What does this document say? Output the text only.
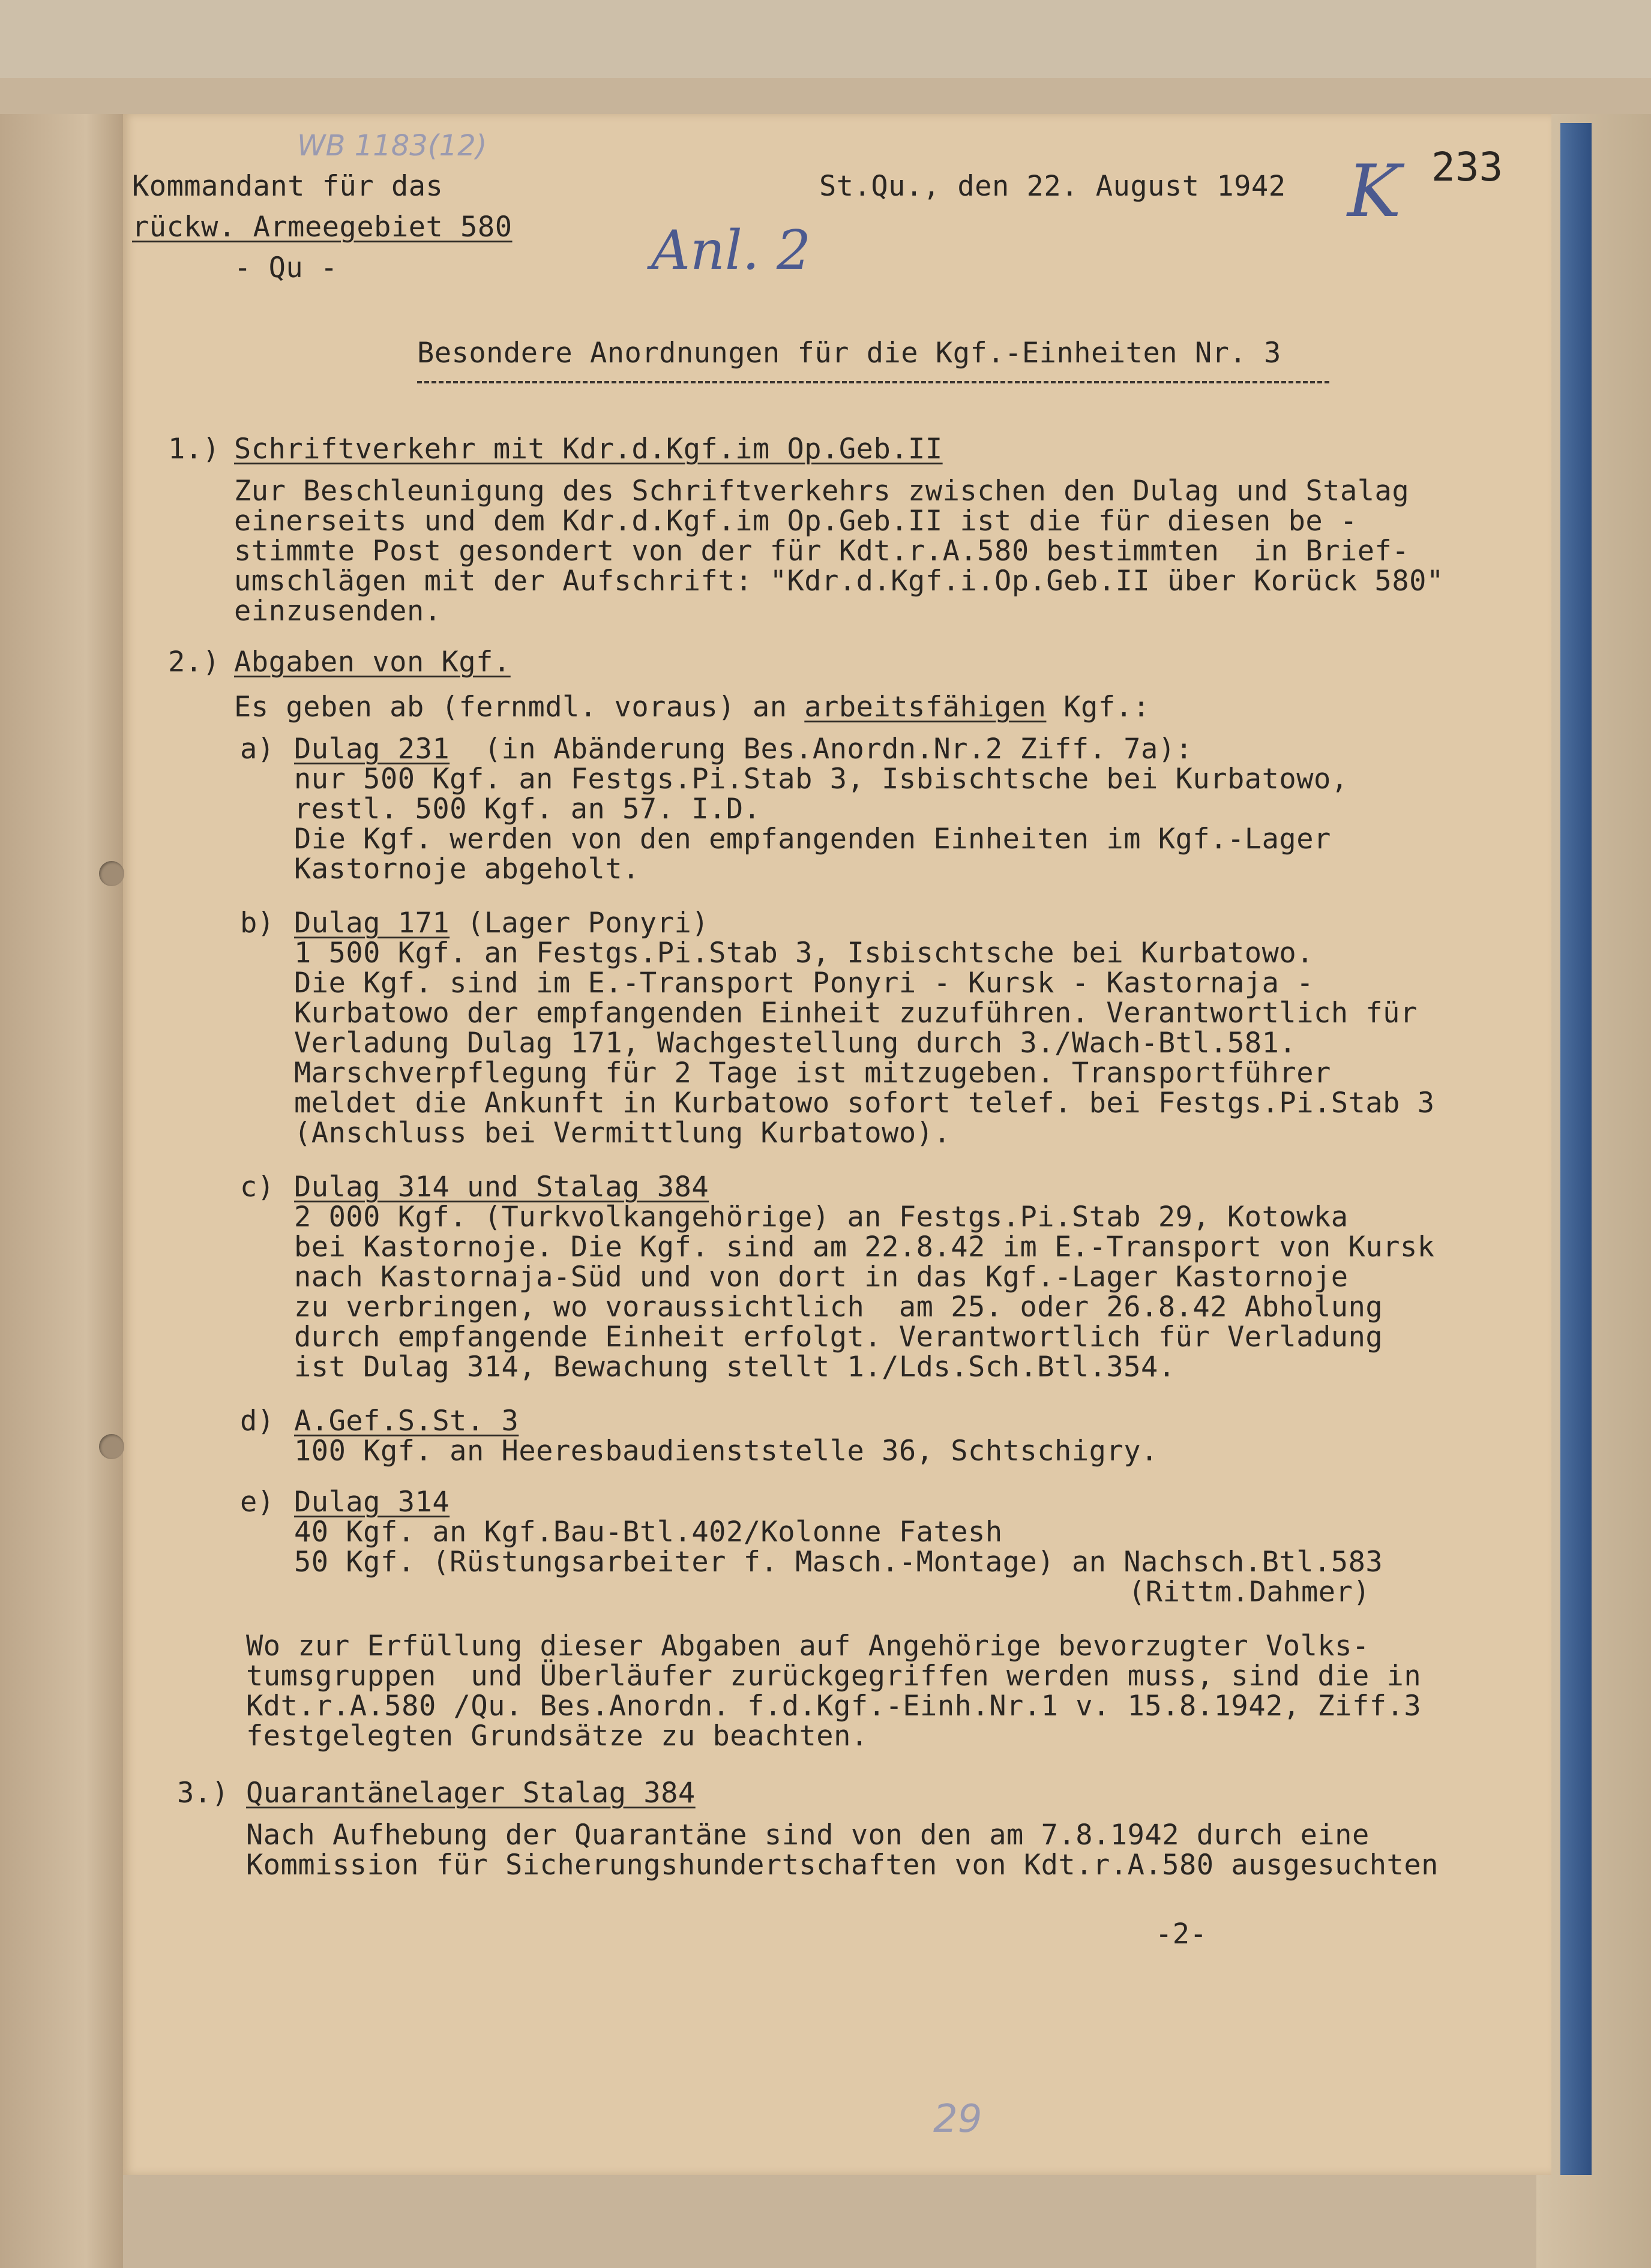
WB 1183(12)	233
K
Anl. 2
29
Kommandant für das
rückw. Armeegebiet 580
- Qu -
St.Qu., den 22. August 1942
Besondere Anordnungen für die Kgf.-Einheiten Nr. 3
1.) Schriftverkehr mit Kdr.d.Kgf.im Op.Geb.II
Zur Beschleunigung des Schriftverkehrs zwischen den Dulag und Stalag
einerseits und dem Kdr.d.Kgf.im Op.Geb.II ist die für diesen be -
stimmte Post gesondert von der für Kdt.r.A.580 bestimmten  in Brief-
umschlägen mit der Aufschrift: "Kdr.d.Kgf.i.Op.Geb.II über Korück 580"
einzusenden.
2.) Abgaben von Kgf.
Es geben ab (fernmdl. voraus) an arbeitsfähigen Kgf.:
a) Dulag 231  (in Abänderung Bes.Anordn.Nr.2 Ziff. 7a):
nur 500 Kgf. an Festgs.Pi.Stab 3, Isbischtsche bei Kurbatowo,
restl. 500 Kgf. an 57. I.D.
Die Kgf. werden von den empfangenden Einheiten im Kgf.-Lager
Kastornoje abgeholt.
b) Dulag 171 (Lager Ponyri)
1 500 Kgf. an Festgs.Pi.Stab 3, Isbischtsche bei Kurbatowo.
Die Kgf. sind im E.-Transport Ponyri - Kursk - Kastornaja -
Kurbatowo der empfangenden Einheit zuzuführen. Verantwortlich für
Verladung Dulag 171, Wachgestellung durch 3./Wach-Btl.581.
Marschverpflegung für 2 Tage ist mitzugeben. Transportführer
meldet die Ankunft in Kurbatowo sofort telef. bei Festgs.Pi.Stab 3
(Anschluss bei Vermittlung Kurbatowo).
c) Dulag 314 und Stalag 384
2 000 Kgf. (Turkvolkangehörige) an Festgs.Pi.Stab 29, Kotowka
bei Kastornoje. Die Kgf. sind am 22.8.42 im E.-Transport von Kursk
nach Kastornaja-Süd und von dort in das Kgf.-Lager Kastornoje
zu verbringen, wo voraussichtlich  am 25. oder 26.8.42 Abholung
durch empfangende Einheit erfolgt. Verantwortlich für Verladung
ist Dulag 314, Bewachung stellt 1./Lds.Sch.Btl.354.
d) A.Gef.S.St. 3
100 Kgf. an Heeresbaudienststelle 36, Schtschigry.
e) Dulag 314
40 Kgf. an Kgf.Bau-Btl.402/Kolonne Fatesh
50 Kgf. (Rüstungsarbeiter f. Masch.-Montage) an Nachsch.Btl.583
(Rittm.Dahmer)
Wo zur Erfüllung dieser Abgaben auf Angehörige bevorzugter Volks-
tumsgruppen  und Überläufer zurückgegriffen werden muss, sind die in
Kdt.r.A.580 /Qu. Bes.Anordn. f.d.Kgf.-Einh.Nr.1 v. 15.8.1942, Ziff.3
festgelegten Grundsätze zu beachten.
3.) Quarantänelager Stalag 384
Nach Aufhebung der Quarantäne sind von den am 7.8.1942 durch eine
Kommission für Sicherungshundertschaften von Kdt.r.A.580 ausgesuchten
-2-
